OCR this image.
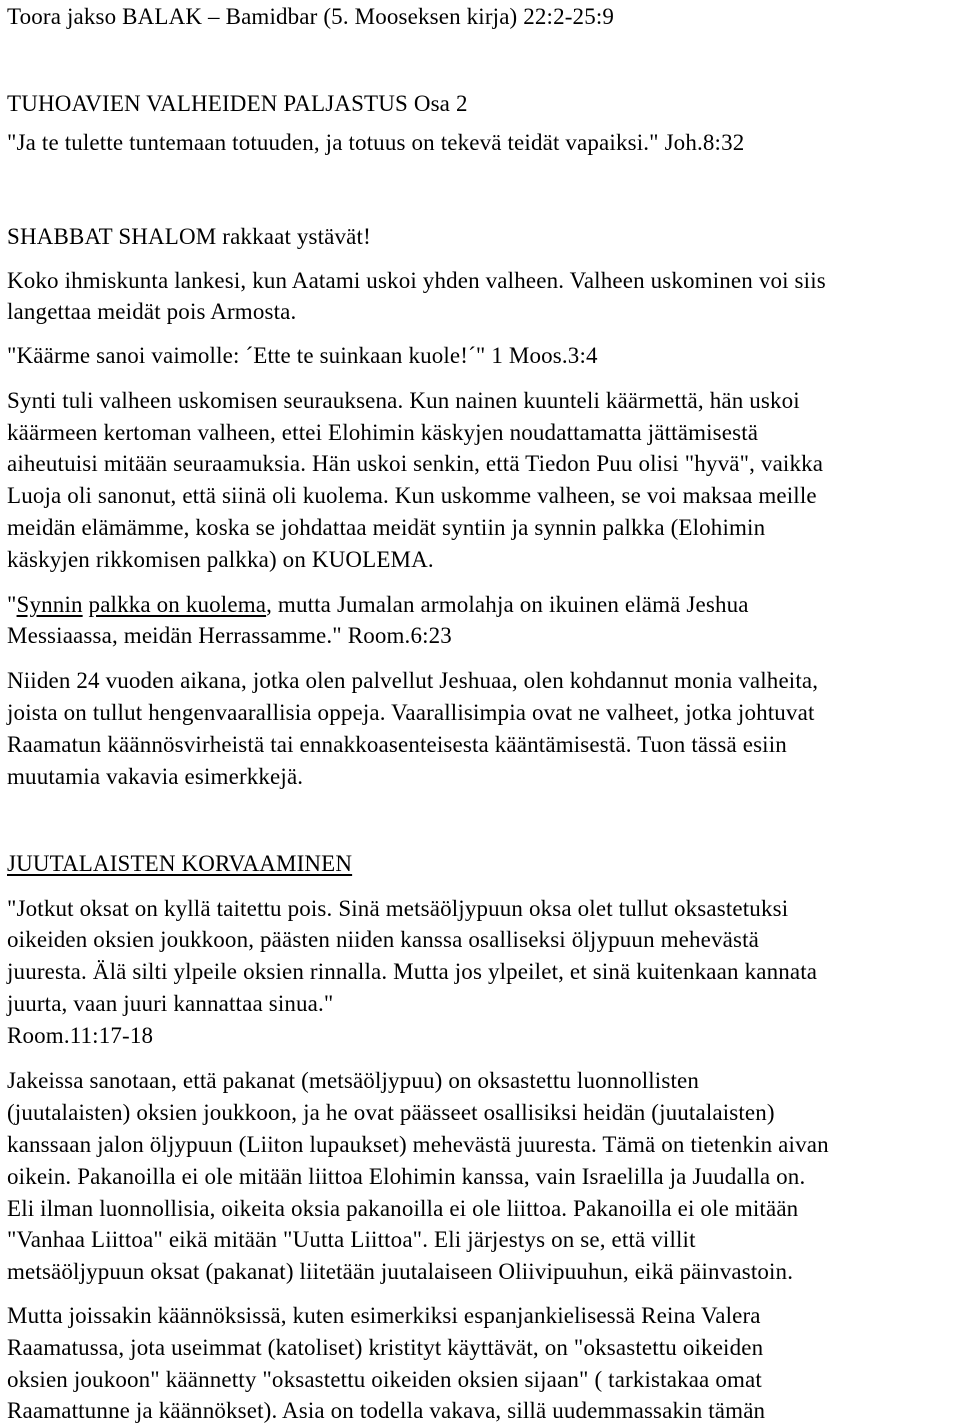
Toora jakso BALAK – Bamidbar (5. Mooseksen kirja) 22:2-25:9

TUHOAVIEN VALHEIDEN PALJASTUS Osa 2

"Ja te tulette tuntemaan totuuden, ja totuus on tekevä teidät vapaiksi." Joh.8:32

SHABBAT SHALOM rakkaat ystävät!

Koko ihmiskunta lankesi, kun Aatami uskoi yhden valheen. Valheen uskominen voi siis

langettaa meidät pois Armosta.

"Käärme sanoi vaimolle: ´Ette te suinkaan kuole!´" 1 Moos.3:4

Synti tuli valheen uskomisen seurauksena. Kun nainen kuunteli käärmettä, hän uskoi

käärmeen kertoman valheen, ettei Elohimin käskyjen noudattamatta jättämisestä

aiheutuisi mitään seuraamuksia. Hän uskoi senkin, että Tiedon Puu olisi "hyvä", vaikka

Luoja oli sanonut, että siinä oli kuolema. Kun uskomme valheen, se voi maksaa meille

meidän elämämme, koska se johdattaa meidät syntiin ja synnin palkka (Elohimin

käskyjen rikkomisen palkka) on KUOLEMA.

"Synnin palkka on kuolema, mutta Jumalan armolahja on ikuinen elämä Jeshua

Messiaassa, meidän Herrassamme." Room.6:23

Niiden 24 vuoden aikana, jotka olen palvellut Jeshuaa, olen kohdannut monia valheita,

joista on tullut hengenvaarallisia oppeja. Vaarallisimpia ovat ne valheet, jotka johtuvat

Raamatun käännösvirheistä tai ennakkoasenteisesta kääntämisestä. Tuon tässä esiin

muutamia vakavia esimerkkejä.

JUUTALAISTEN KORVAAMINEN

"Jotkut oksat on kyllä taitettu pois. Sinä metsäöljypuun oksa olet tullut oksastetuksi

oikeiden oksien joukkoon, päästen niiden kanssa osalliseksi öljypuun mehevästä

juuresta. Älä silti ylpeile oksien rinnalla. Mutta jos ylpeilet, et sinä kuitenkaan kannata

juurta, vaan juuri kannattaa sinua."

Room.11:17-18

Jakeissa sanotaan, että pakanat (metsäöljypuu) on oksastettu luonnollisten

(juutalaisten) oksien joukkoon, ja he ovat päässeet osallisiksi heidän (juutalaisten)

kanssaan jalon öljypuun (Liiton lupaukset) mehevästä juuresta. Tämä on tietenkin aivan

oikein. Pakanoilla ei ole mitään liittoa Elohimin kanssa, vain Israelilla ja Juudalla on.

Eli ilman luonnollisia, oikeita oksia pakanoilla ei ole liittoa. Pakanoilla ei ole mitään

"Vanhaa Liittoa" eikä mitään "Uutta Liittoa". Eli järjestys on se, että villit

metsäöljypuun oksat (pakanat) liitetään juutalaiseen Oliivipuuhun, eikä päinvastoin.

Mutta joissakin käännöksissä, kuten esimerkiksi espanjankielisessä Reina Valera

Raamatussa, jota useimmat (katoliset) kristityt käyttävät, on "oksastettu oikeiden

oksien joukoon" käännetty "oksastettu oikeiden oksien sijaan" ( tarkistakaa omat

Raamattunne ja käännökset). Asia on todella vakava, sillä uudemmassakin tämän
